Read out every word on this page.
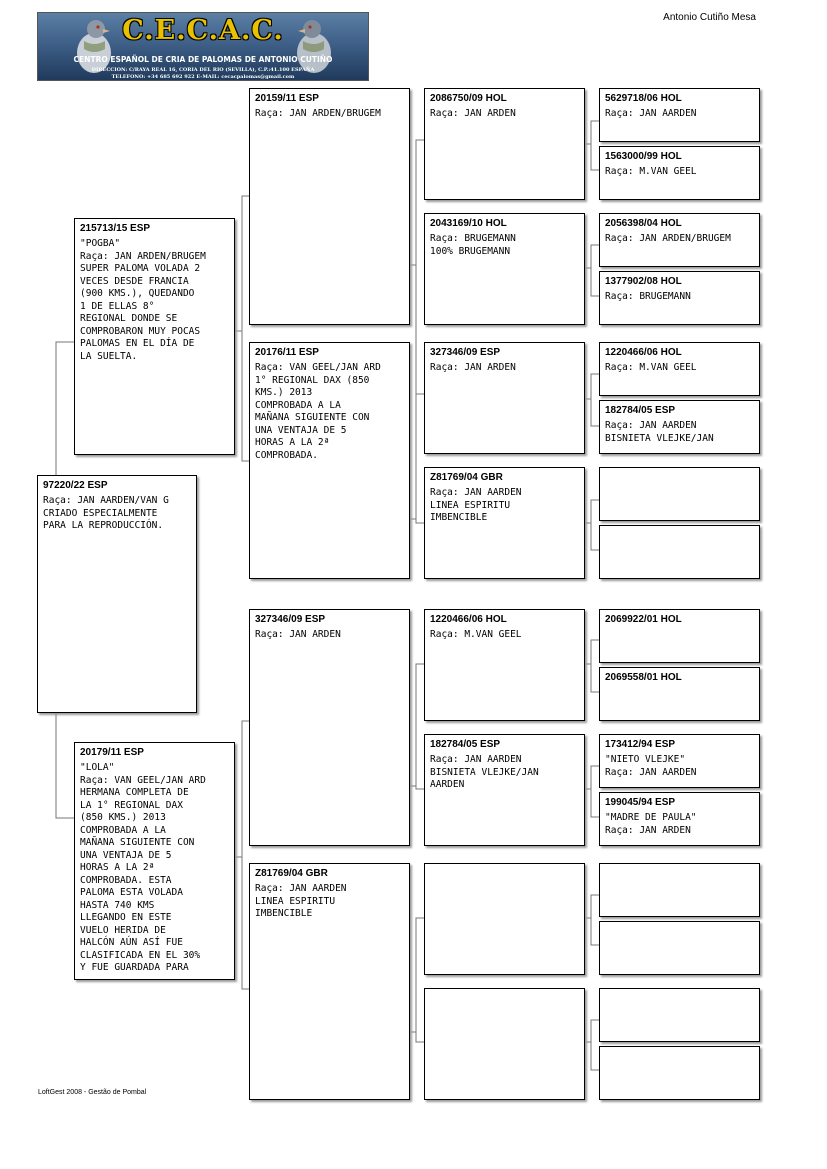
C.E.C.A.C.
CENTRO ESPAÑOL DE CRIA DE PALOMAS DE ANTONIO CUTIÑO
DIRECCION: C/RAYA REAL 16, CORIA DEL RIO (SEVILLA), C.P.:41.100 ESPAÑA
TELEFONO: +34 685 692 922 E-MAIL: cecacpalomas@gmail.com
Antonio Cutiño Mesa
97220/22 ESP
Raça: JAN AARDEN/VAN G
CRIADO ESPECIALMENTE
PARA LA REPRODUCCIÓN.
215713/15 ESP
"POGBA"
Raça: JAN ARDEN/BRUGEM
SUPER PALOMA VOLADA 2
VECES DESDE FRANCIA
(900 KMS.), QUEDANDO
1 DE ELLAS 8°
REGIONAL DONDE SE
COMPROBARON MUY POCAS
PALOMAS EN EL DÍA DE
LA SUELTA.
20179/11 ESP
"LOLA"
Raça: VAN GEEL/JAN ARD
HERMANA COMPLETA DE
LA 1° REGIONAL DAX
(850 KMS.) 2013
COMPROBADA A LA
MAÑANA SIGUIENTE CON
UNA VENTAJA DE 5
HORAS A LA 2ª
COMPROBADA. ESTA
PALOMA ESTA VOLADA
HASTA 740 KMS
LLEGANDO EN ESTE
VUELO HERIDA DE
HALCÓN AÚN ASÍ FUE
CLASIFICADA EN EL 30%
Y FUE GUARDADA PARA
20159/11 ESP
Raça: JAN ARDEN/BRUGEM
20176/11 ESP
Raça: VAN GEEL/JAN ARD
1° REGIONAL DAX (850
KMS.) 2013
COMPROBADA A LA
MAÑANA SIGUIENTE CON
UNA VENTAJA DE 5
HORAS A LA 2ª
COMPROBADA.
327346/09 ESP
Raça: JAN ARDEN
Z81769/04 GBR
Raça: JAN AARDEN
LINEA ESPIRITU
IMBENCIBLE
2086750/09 HOL
Raça: JAN ARDEN
2043169/10 HOL
Raça: BRUGEMANN
100% BRUGEMANN
327346/09 ESP
Raça: JAN ARDEN
Z81769/04 GBR
Raça: JAN AARDEN
LINEA ESPIRITU
IMBENCIBLE
1220466/06 HOL
Raça: M.VAN GEEL
182784/05 ESP
Raça: JAN AARDEN
BISNIETA VLEJKE/JAN
AARDEN
5629718/06 HOL
Raça: JAN AARDEN
1563000/99 HOL
Raça: M.VAN GEEL
2056398/04 HOL
Raça: JAN ARDEN/BRUGEM
1377902/08 HOL
Raça: BRUGEMANN
1220466/06 HOL
Raça: M.VAN GEEL
182784/05 ESP
Raça: JAN AARDEN
BISNIETA VLEJKE/JAN
2069922/01 HOL
2069558/01 HOL
173412/94 ESP
"NIETO VLEJKE"
Raça: JAN AARDEN
199045/94 ESP
"MADRE DE PAULA"
Raça: JAN ARDEN
LoftGest 2008 - Gestão de Pombal
